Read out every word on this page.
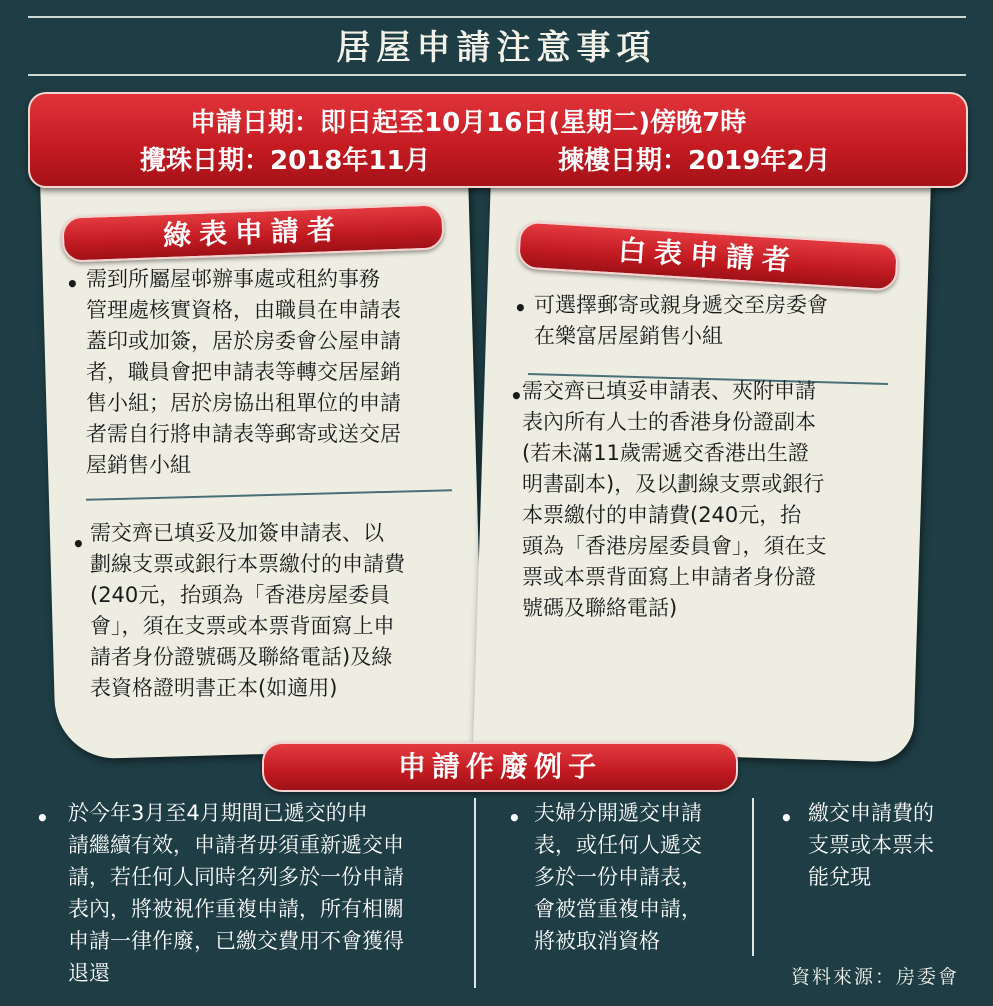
居屋申請注意事項
申請日期：即日起至10月16日(星期二)傍晚7時
攪珠日期：2018年11月	揀樓日期：2019年2月
綠表申請者
• 需到所屬屋邨辦事處或租約事務
管理處核實資格，由職員在申請表
蓋印或加簽，居於房委會公屋申請
者，職員會把申請表等轉交居屋銷
售小組；居於房協出租單位的申請
者需自行將申請表等郵寄或送交居
屋銷售小組
• 需交齊已填妥及加簽申請表、以
劃線支票或銀行本票繳付的申請費
(240元，抬頭為「香港房屋委員
會」，須在支票或本票背面寫上申
請者身份證號碼及聯絡電話)及綠
表資格證明書正本(如適用)
白表申請者
• 可選擇郵寄或親身遞交至房委會
在樂富居屋銷售小組
• 需交齊已填妥申請表、夾附申請
表內所有人士的香港身份證副本
(若未滿11歲需遞交香港出生證
明書副本)，及以劃線支票或銀行
本票繳付的申請費(240元，抬
頭為「香港房屋委員會」，須在支
票或本票背面寫上申請者身份證
號碼及聯絡電話)
申請作廢例子
• 於今年3月至4月期間已遞交的申
請繼續有效，申請者毋須重新遞交申
請，若任何人同時名列多於一份申請
表內，將被視作重複申請，所有相關
申請一律作廢，已繳交費用不會獲得
退還
• 夫婦分開遞交申請
表，或任何人遞交
多於一份申請表，
會被當重複申請，
將被取消資格
• 繳交申請費的
支票或本票未
能兌現
資料來源：房委會
